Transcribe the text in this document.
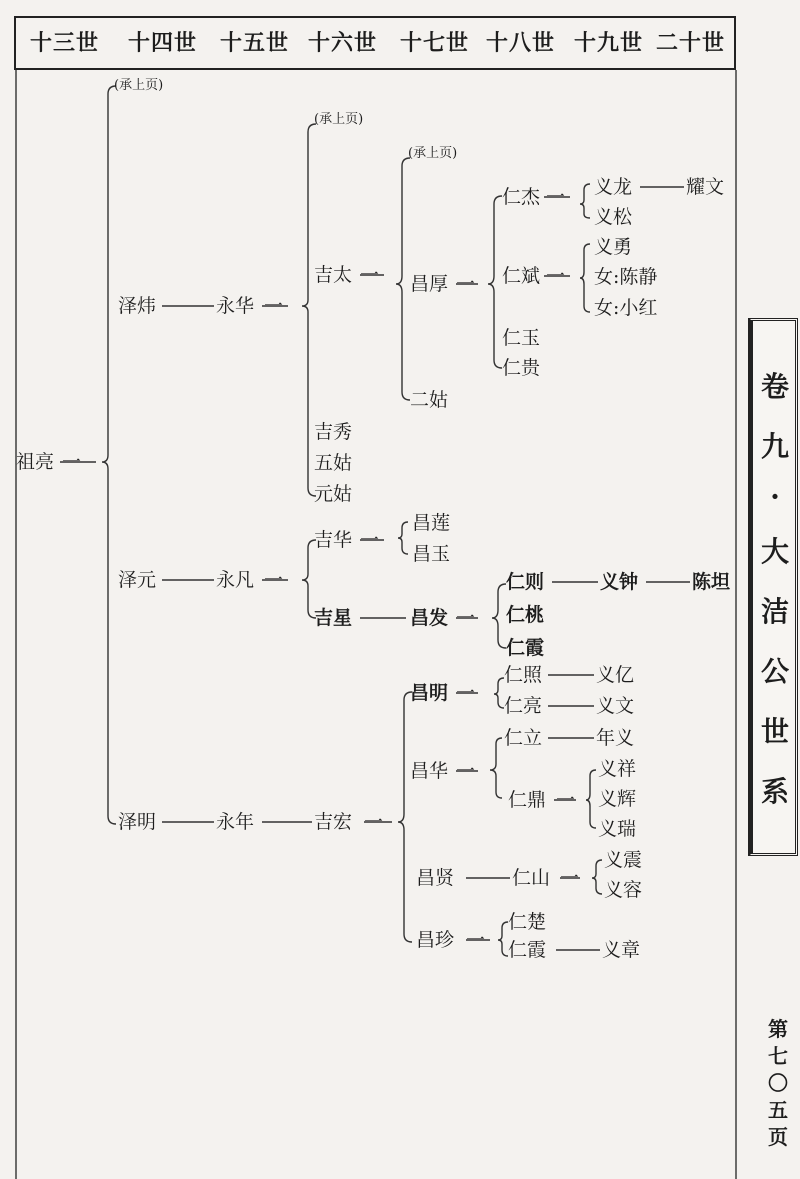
十三世 十四世 十五世 十六世 十七世 十八世 十九世 二十世
(承上页)
(承上页)
(承上页)
祖亮 一
泽炜
泽元
泽明
永华
永凡
永年
吉太
吉秀
五姑
元姑
吉华
吉星
吉宏
昌厚
二姑
昌莲
昌玉
昌发
昌明
昌华
昌贤
昌珍
仁杰
仁斌
仁玉
仁贵
仁则
仁桃
仁霞
仁照
仁亮
仁立
仁鼎
仁山
仁楚
仁霞
义龙
义松
义勇
女:陈静
女:小红
义钟
义亿
义文
年义
义祥
义辉
义瑞
义震
义容
义章
耀文
陈坦
一
一
一
一
一
一
一
一
一
一
一
一
一
一
卷
九
·
大
洁
公
世
系
第
七
〇
五
页
